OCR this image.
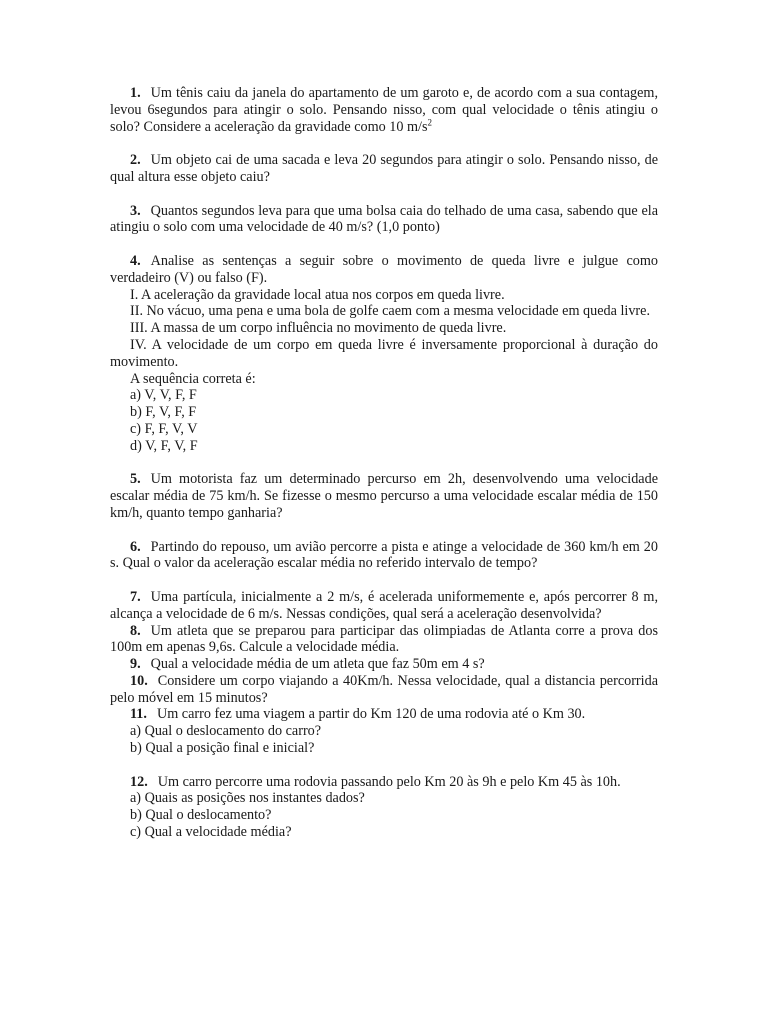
1. Um tênis caiu da janela do apartamento de um garoto e, de acordo com a sua contagem, levou 6segundos para atingir o solo. Pensando nisso, com qual velocidade o tênis atingiu o solo? Considere a aceleração da gravidade como 10 $m/s^2$

2. Um objeto cai de uma sacada e leva 20 segundos para atingir o solo. Pensando nisso, de qual altura esse objeto caiu?

3. Quantos segundos leva para que uma bolsa caia do telhado de uma casa, sabendo que ela atingiu o solo com uma velocidade de 40 m/s? (1,0 ponto)

4. Analise as sentenças a seguir sobre o movimento de queda livre e julgue como verdadeiro (V) ou falso (F).

I. A aceleração da gravidade local atua nos corpos em queda livre.

II. No vácuo, uma pena e uma bola de golfe caem com a mesma velocidade em queda livre.

III. A massa de um corpo influência no movimento de queda livre.

IV. A velocidade de um corpo em queda livre é inversamente proporcional à duração do movimento.

A sequência correta é:

a) V, V, F, F

b) F, V, F, F

c) F, F, V, V

d) V, F, V, F

5. Um motorista faz um determinado percurso em 2h, desenvolvendo uma velocidade escalar média de 75 km/h. Se fizesse o mesmo percurso a uma velocidade escalar média de 150 km/h, quanto tempo ganharia?

6. Partindo do repouso, um avião percorre a pista e atinge a velocidade de 360 km/h em 20 s. Qual o valor da aceleração escalar média no referido intervalo de tempo?

7. Uma partícula, inicialmente a 2 m/s, é acelerada uniformemente e, após percorrer 8 m, alcança a velocidade de 6 m/s. Nessas condições, qual será a aceleração desenvolvida?

8. Um atleta que se preparou para participar das olimpiadas de Atlanta corre a prova dos 100m em apenas 9,6s. Calcule a velocidade média.

9. Qual a velocidade média de um atleta que faz 50m em 4 s?

10. Considere um corpo viajando a 40Km/h. Nessa velocidade, qual a distancia percorrida pelo móvel em 15 minutos?

11. Um carro fez uma viagem a partir do Km 120 de uma rodovia até o Km 30.

a) Qual o deslocamento do carro?

b) Qual a posição final e inicial?

12. Um carro percorre uma rodovia passando pelo Km 20 às 9h e pelo Km 45 às 10h.

a) Quais as posições nos instantes dados?

b) Qual o deslocamento?

c) Qual a velocidade média?
